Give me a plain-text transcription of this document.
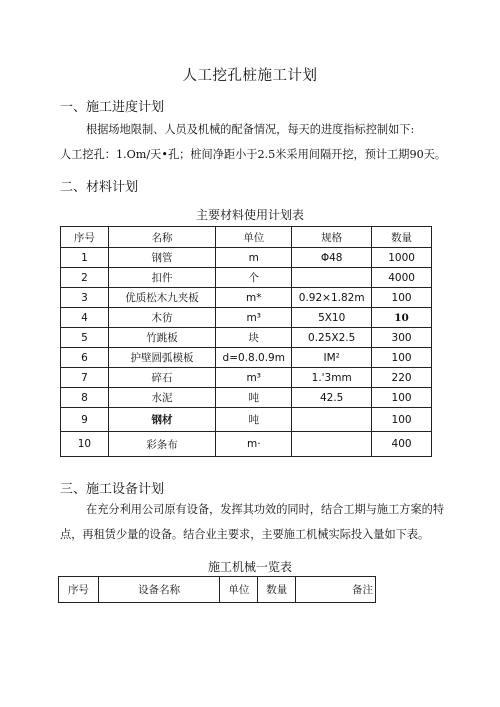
人工挖孔桩施工计划
一、施工进度计划
根据场地限制、人员及机械的配备情况，每天的进度指标控制如下:
人工挖孔：1.Om/天•孔；桩间净距小于2.5米采用间隔开挖，预计工期90天。
二、材料计划
主要材料使用计划表
序号	名称	单位	规格	数量
1	钢管	m	Φ48	1000
2	扣件	个		4000
3	优质松木九夹板	m*	0.92×1.82m	100
4	木彷	m³	5X10	10
5	竹跳板	块	0.25X2.5	300
6	护壁圆弧模板	d=0.8.0.9m	IM²	100
7	碎石	m³	1.'3mm	220
8	水泥	吨	42.5	100
9	钢材	吨		100
10	彩条布	m·		400
三、施工设备计划
在充分利用公司原有设备，发挥其功效的同时，结合工期与施工方案的特
点，再租赁少量的设备。结合业主要求，主要施工机械实际投入量如下表。
施工机械一览表
序号	设备名称	单位	数量	备注
